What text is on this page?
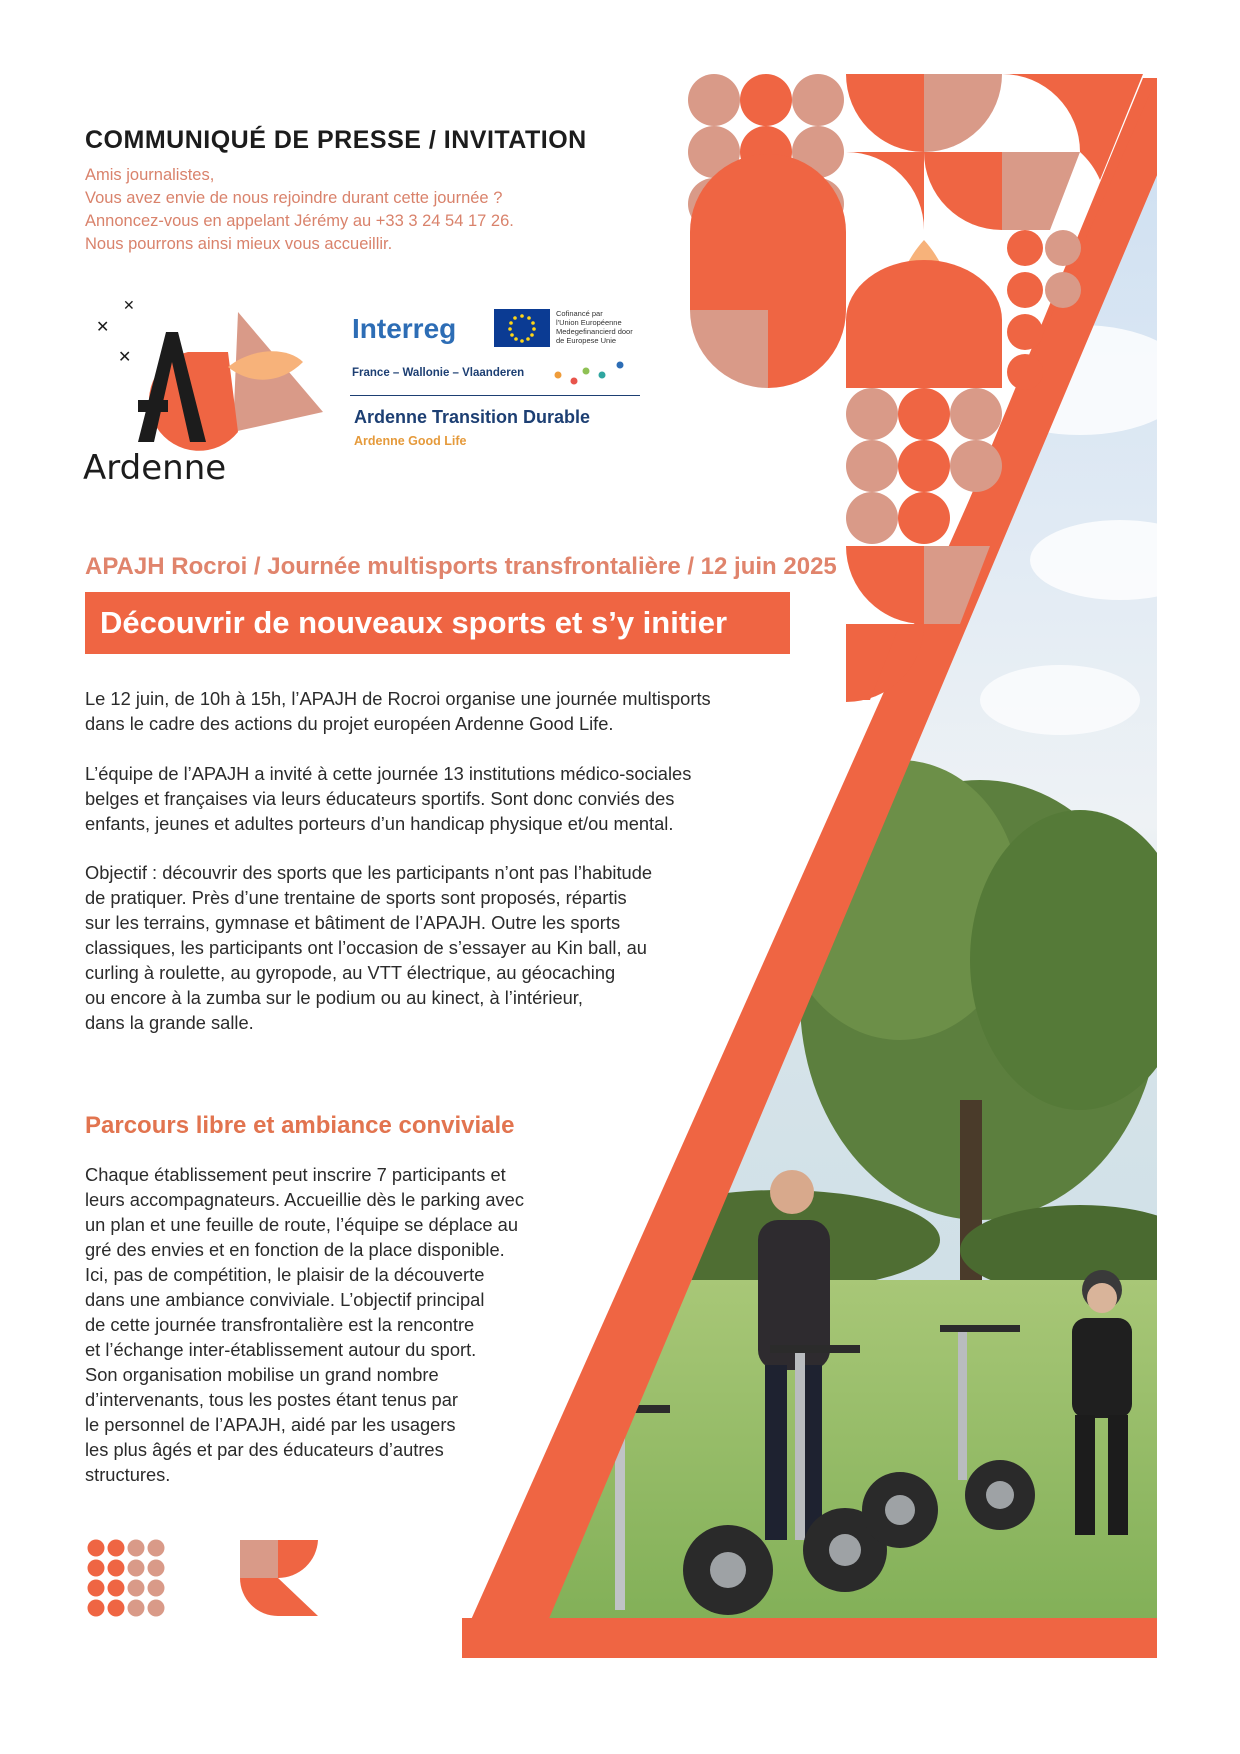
COMMUNIQUÉ DE PRESSE / INVITATION
Amis journalistes,
Vous avez envie de nous rejoindre durant cette journée ?
Annoncez-vous en appelant Jérémy au +33 3 24 54 17 26.
Nous pourrons ainsi mieux vous accueillir.
✕
✕
✕
Ardenne
Interreg	Cofinancé par
l'Union Européenne
Medegefinancierd door
de Europese Unie
France – Wallonie – Vlaanderen
Ardenne Transition Durable
Ardenne Good Life
APAJH Rocroi / Journée multisports transfrontalière / 12 juin 2025
Découvrir de nouveaux sports et s’y initier
Le 12 juin, de 10h à 15h, l’APAJH de Rocroi organise une journée multisports
dans le cadre des actions du projet européen Ardenne Good Life.
L’équipe de l’APAJH a invité à cette journée 13 institutions médico-sociales
belges et françaises via leurs éducateurs sportifs. Sont donc conviés des
enfants, jeunes et adultes porteurs d’un handicap physique et/ou mental.
Objectif : découvrir des sports que les participants n’ont pas l’habitude
de pratiquer. Près d’une trentaine de sports sont proposés, répartis
sur les terrains, gymnase et bâtiment de l’APAJH. Outre les sports
classiques, les participants ont l’occasion de s’essayer au Kin ball, au
curling à roulette, au gyropode, au VTT électrique, au géocaching
ou encore à la zumba sur le podium ou au kinect, à l’intérieur,
dans la grande salle.
Parcours libre et ambiance conviviale
Chaque établissement peut inscrire 7 participants et
leurs accompagnateurs. Accueillie dès le parking avec
un plan et une feuille de route, l’équipe se déplace au
gré des envies et en fonction de la place disponible.
Ici, pas de compétition, le plaisir de la découverte
dans une ambiance conviviale. L’objectif principal
de cette journée transfrontalière est la rencontre
et l’échange inter-établissement autour du sport.
Son organisation mobilise un grand nombre
d’intervenants, tous les postes étant tenus par
le personnel de l’APAJH, aidé par les usagers
les plus âgés et par des éducateurs d’autres
structures.
